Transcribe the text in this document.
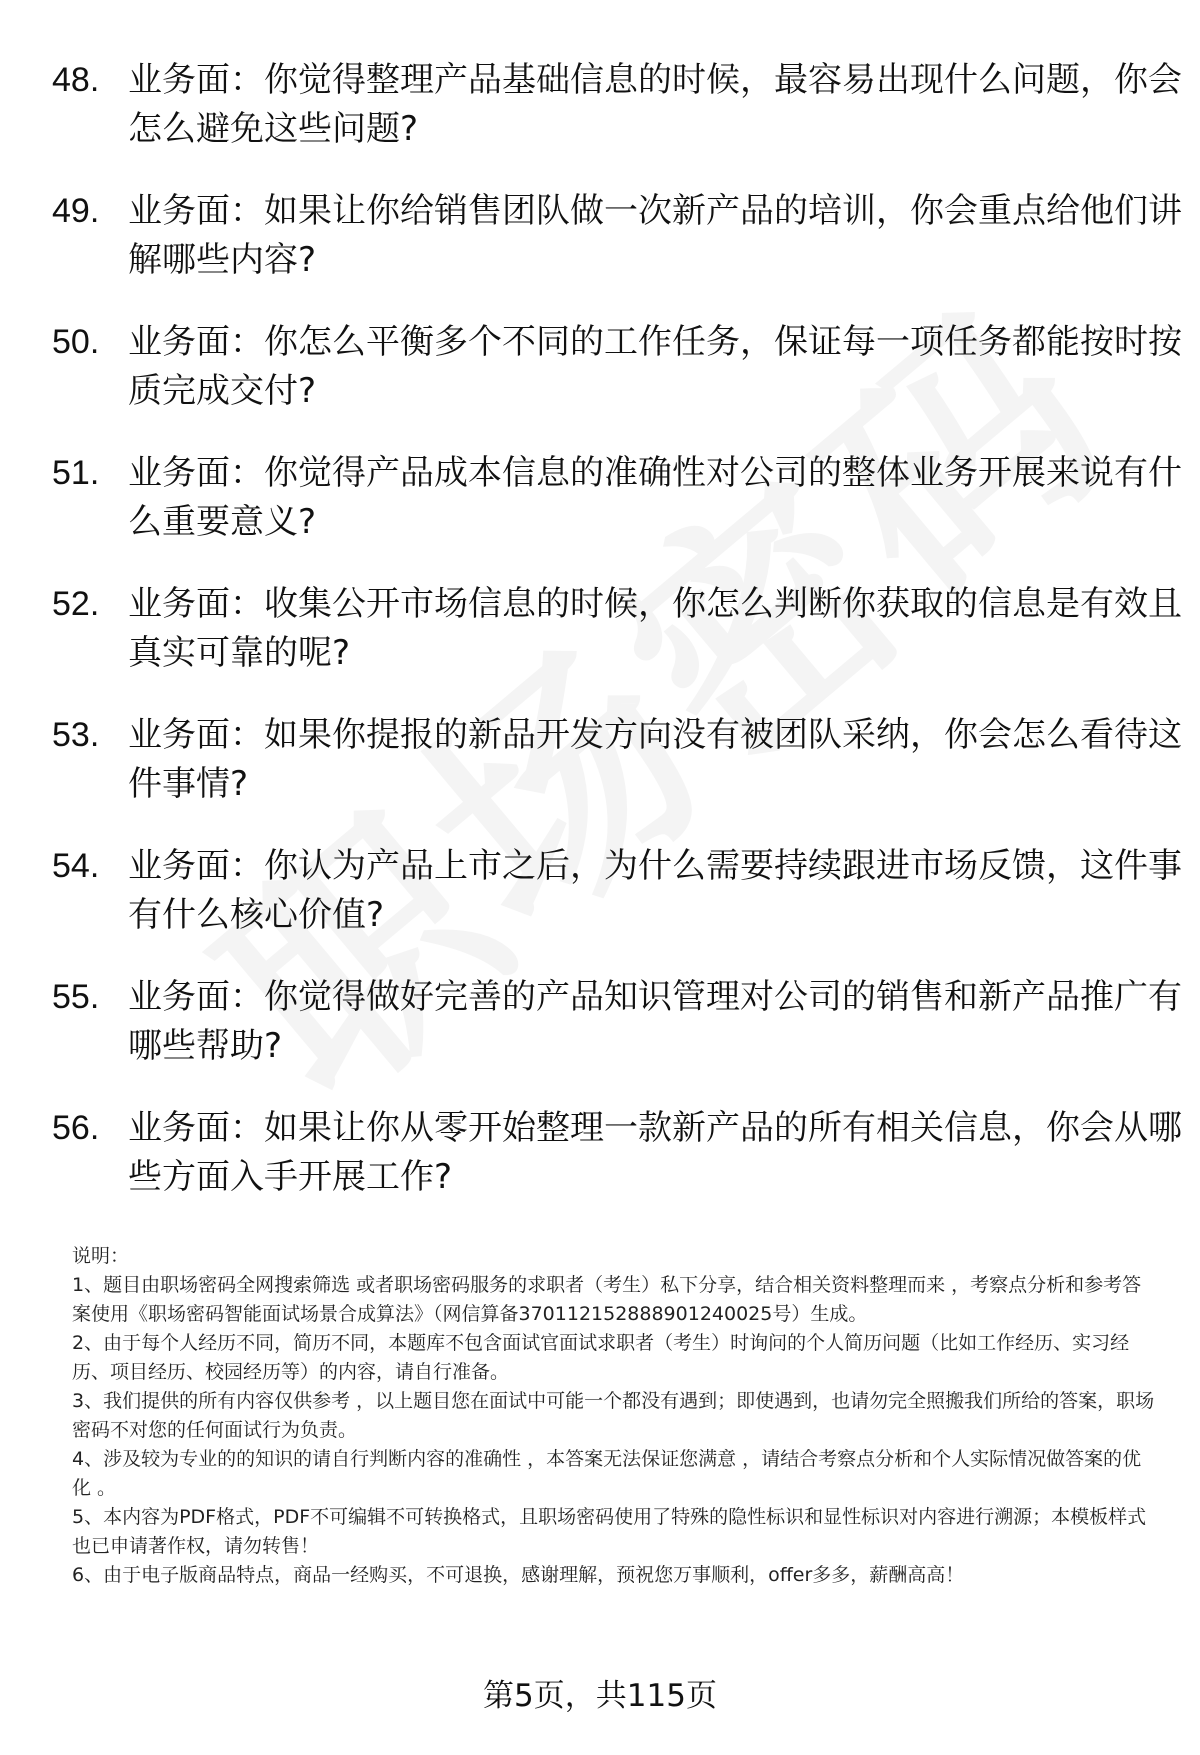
48. 业务面：你觉得整理产品基础信息的时候，最容易出现什么问题，你会怎么避免这些问题?
49. 业务面：如果让你给销售团队做一次新产品的培训，你会重点给他们讲解哪些内容?
50. 业务面：你怎么平衡多个不同的工作任务，保证每一项任务都能按时按质完成交付?
51. 业务面：你觉得产品成本信息的准确性对公司的整体业务开展来说有什么重要意义?
52. 业务面：收集公开市场信息的时候，你怎么判断你获取的信息是有效且真实可靠的呢?
53. 业务面：如果你提报的新品开发方向没有被团队采纳，你会怎么看待这件事情?
54. 业务面：你认为产品上市之后，为什么需要持续跟进市场反馈，这件事有什么核心价值?
55. 业务面：你觉得做好完善的产品知识管理对公司的销售和新产品推广有哪些帮助?
56. 业务面：如果让你从零开始整理一款新产品的所有相关信息，你会从哪些方面入手开展工作?

说明：

1、题目由职场密码全网搜索筛选 或者职场密码服务的求职者（考生）私下分享，结合相关资料整理而来 ，考察点分析和参考答案使用《职场密码智能面试场景合成算法》（网信算备370112152888901240025号）生成。

2、由于每个人经历不同，简历不同，本题库不包含面试官面试求职者（考生）时询问的个人简历问题（比如工作经历、实习经历、项目经历、校园经历等）的内容，请自行准备。

3、我们提供的所有内容仅供参考 ，以上题目您在面试中可能一个都没有遇到；即使遇到，也请勿完全照搬我们所给的答案，职场密码不对您的任何面试行为负责。

4、涉及较为专业的的知识的请自行判断内容的准确性 ，本答案无法保证您满意 ，请结合考察点分析和个人实际情况做答案的优化 。

5、本内容为PDF格式，PDF不可编辑不可转换格式，且职场密码使用了特殊的隐性标识和显性标识对内容进行溯源；本模板样式也已申请著作权，请勿转售！

6、由于电子版商品特点，商品一经购买，不可退换，感谢理解，预祝您万事顺利，offer多多，薪酬高高！

第5页，共115页
